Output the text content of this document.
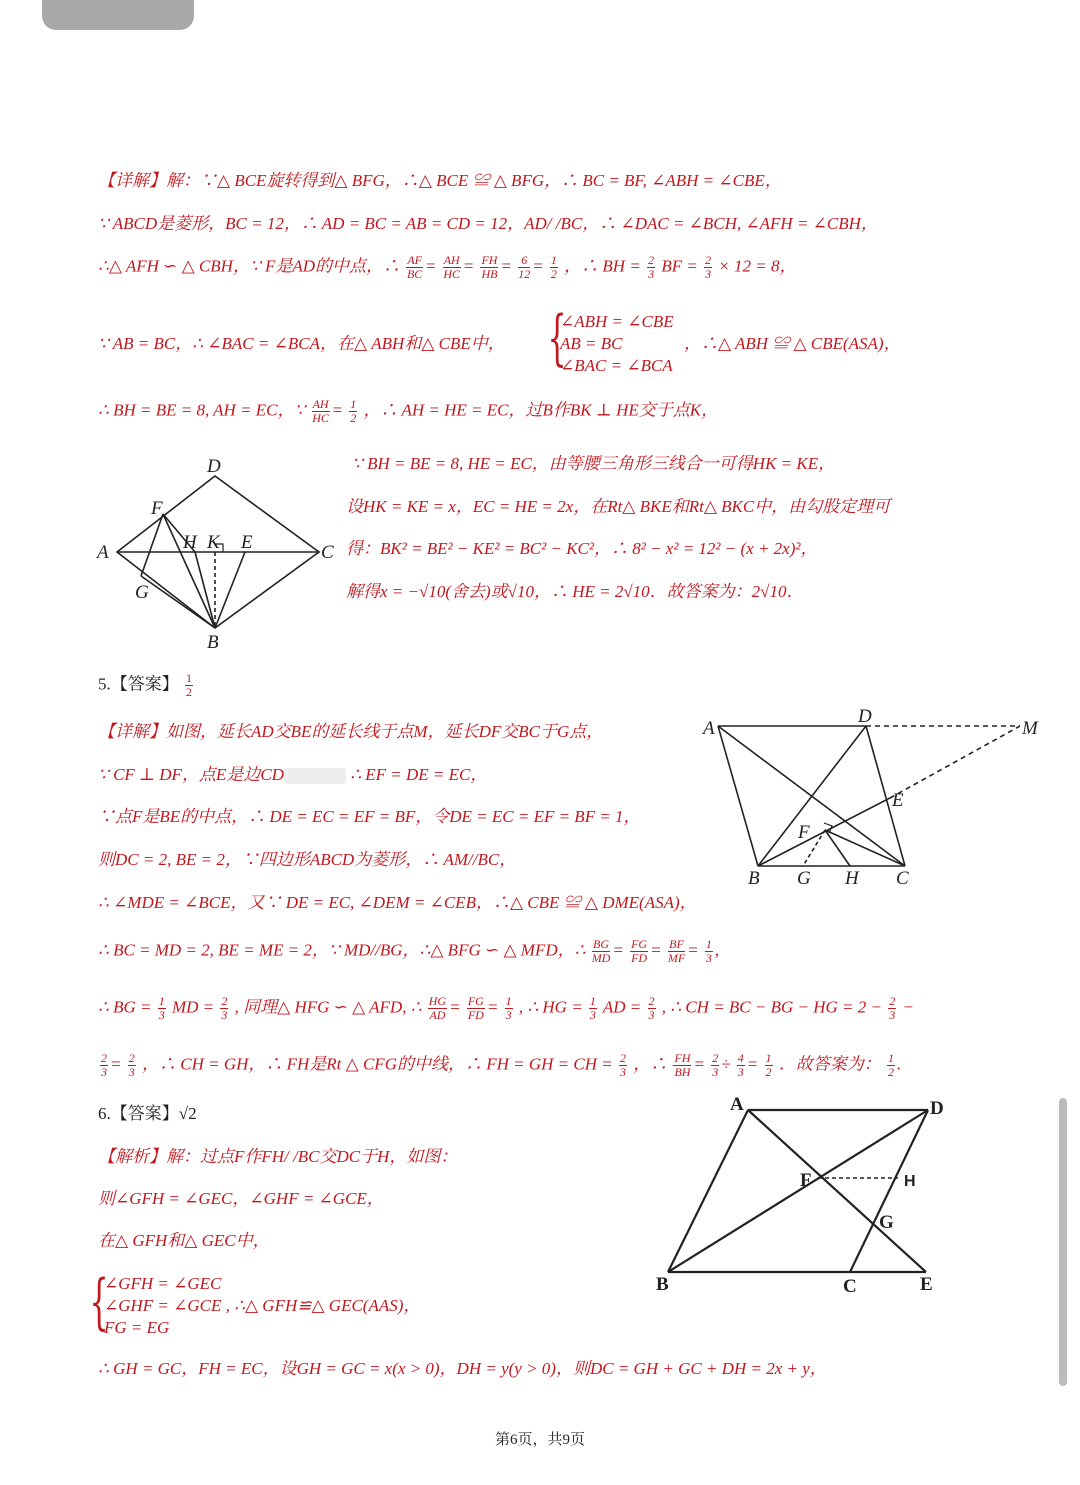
【详解】解：∵△ BCE旋转得到△ BFG，∴△ BCE ≌ △ BFG，∴ BC = BF, ∠ABH = ∠CBE，
∵ ABCD是菱形，BC = 12，∴ AD = BC = AB = CD = 12，AD/ /BC，∴ ∠DAC = ∠BCH, ∠AFH = ∠CBH，
∴△ AFH ∽ △ CBH，∵ F是AD的中点，∴ $\frac{AF}{BC} = \frac{AH}{HC} = \frac{FH}{HB} = \frac{6}{12} = \frac{1}{2}$ ，∴ BH = $\frac{2}{3}$ BF = $\frac{2}{3} \times 12 = 8$，
∵ AB = BC，∴ ∠BAC = ∠BCA，在△ ABH和△ CBE中， {
∠ABH = ∠CBE
AB = BC
∠BAC = ∠BCA
，∴△ ABH ≌ △ CBE(ASA)，
∴ BH = BE = 8, AH = EC，∵ $\frac{AH}{HC} = \frac{1}{2}$ ，∴ AH = HE = EC，过B作BK ⊥ HE交于点K，
∵ BH = BE = 8, HE = EC，由等腰三角形三线合一可得HK = KE，
设HK = KE = x，EC = HE = 2x，在Rt△ BKE和Rt△ BKC中，由勾股定理可
得：BK² = BE² − KE² = BC² − KC²，∴ 8² − x² = 12² − (x + 2x)²，
解得x = −√10(舍去)或√10，∴ HE = 2√10．故答案为：2√10．
A
D
C
B
F
G
H K E
5.【答案】 $\frac{1}{2}$
【详解】如图，延长AD交BE的延长线于点M，延长DF交BC于G点，
∵ CF ⊥ DF，点E是边CD	∴ EF = DE = EC，
∵点F是BE的中点，∴ DE = EC = EF = BF，令DE = EC = EF = BF = 1，
则DC = 2, BE = 2，∵四边形ABCD为菱形，∴ AM//BC，
∴ ∠MDE = ∠BCE，又∵ DE = EC, ∠DEM = ∠CEB，∴△ CBE ≌ △ DME(ASA)，
∴ BC = MD = 2, BE = ME = 2，∵ MD//BG，∴△ BFG ∽ △ MFD，∴ $\frac{BG}{MD} = \frac{FG}{FD} = \frac{BF}{MF} = \frac{1}{3}$ ,
∴ BG = $\frac{1}{3}$ MD = $\frac{2}{3}$ , 同理△ HFG ∽ △ AFD, ∴ $\frac{HG}{AD} = \frac{FG}{FD} = \frac{1}{3}$ , ∴ HG = $\frac{1}{3}$ AD = $\frac{2}{3}$ , ∴ CH = BC − BG − HG = $2 - \frac{2}{3}$ −
$\frac{2}{3} = \frac{2}{3}$ ，∴ CH = GH，∴ FH是Rt △ CFG的中线，∴ FH = GH = CH = $\frac{2}{3}$ ，∴ $\frac{FH}{BH} = \frac{2}{3} \div \frac{4}{3} = \frac{1}{2}$ ．故答案为： $\frac{1}{2}$ .
A
D
M
E
F
B G H C
6.【答案】√2
【解析】解：过点F作FH/ /BC交DC于H，如图：
则∠GFH = ∠GEC，∠GHF = ∠GCE，
在△ GFH和△ GEC中，
{
∠GFH = ∠GEC
∠GHF = ∠GCE , ∴△ GFH≌△ GEC(AAS)，
FG = EG
∴ GH = GC，FH = EC，设GH = GC = x(x > 0)，DH = y(y > 0)，则DC = GH + GC + DH = 2x + y，
A	D
F	H
G
B	C	E
第6页，共9页
